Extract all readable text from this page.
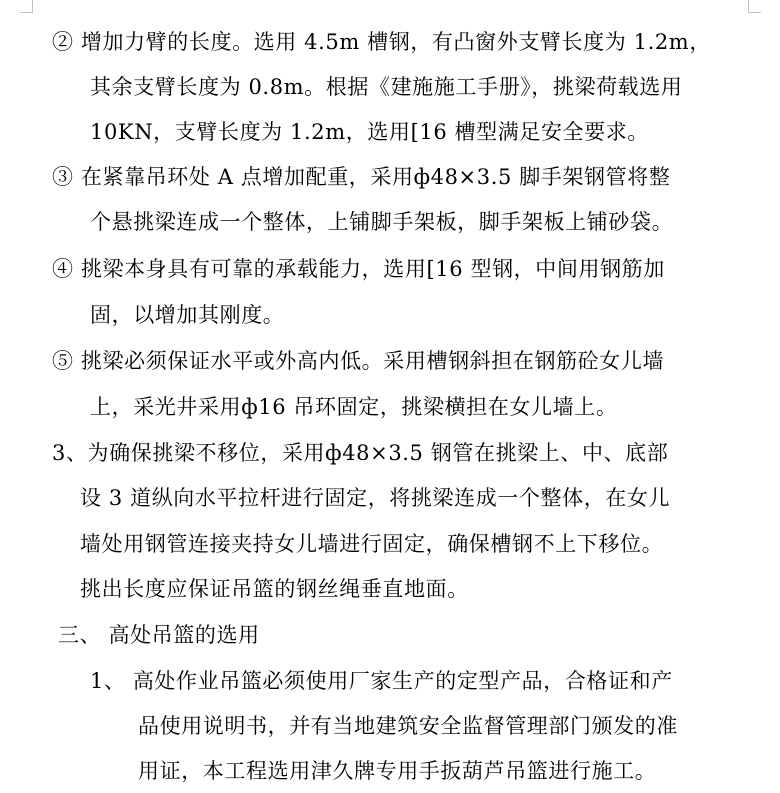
② 增加力臂的长度。选用 4.5m 槽钢，有凸窗外支臂长度为 1.2m，
其余支臂长度为 0.8m。根据《建施施工手册》，挑梁荷载选用
10KN，支臂长度为 1.2m，选用[16 槽型满足安全要求。
③ 在紧靠吊环处 A 点增加配重，采用ф48×3.5 脚手架钢管将整
个悬挑梁连成一个整体，上铺脚手架板，脚手架板上铺砂袋。
④ 挑梁本身具有可靠的承载能力，选用[16 型钢，中间用钢筋加
固，以增加其刚度。
⑤ 挑梁必须保证水平或外高内低。采用槽钢斜担在钢筋砼女儿墙
上，采光井采用ф16 吊环固定，挑梁横担在女儿墙上。
3、为确保挑梁不移位，采用ф48×3.5 钢管在挑梁上、中、底部
设 3 道纵向水平拉杆进行固定，将挑梁连成一个整体，在女儿
墙处用钢管连接夹持女儿墙进行固定，确保槽钢不上下移位。
挑出长度应保证吊篮的钢丝绳垂直地面。
三、 高处吊篮的选用
1、 高处作业吊篮必须使用厂家生产的定型产品，合格证和产
品使用说明书，并有当地建筑安全监督管理部门颁发的准
用证，本工程选用津久牌专用手扳葫芦吊篮进行施工。
